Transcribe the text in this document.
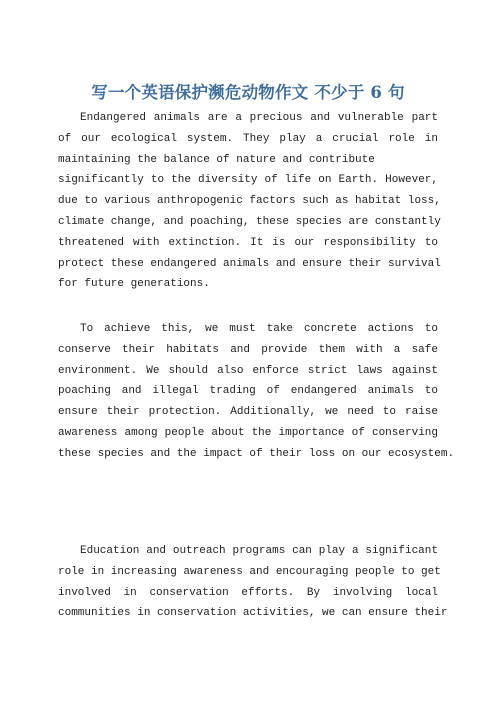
写一个英语保护濒危动物作文 不少于 6 句

Endangered animals are a precious and vulnerable part
of our ecological system. They play a crucial role in
maintaining the balance of nature and contribute
significantly to the diversity of life on Earth. However,
due to various anthropogenic factors such as habitat loss,
climate change, and poaching, these species are constantly
threatened with extinction. It is our responsibility to
protect these endangered animals and ensure their survival
for future generations.

To achieve this, we must take concrete actions to
conserve their habitats and provide them with a safe
environment. We should also enforce strict laws against
poaching and illegal trading of endangered animals to
ensure their protection. Additionally, we need to raise
awareness among people about the importance of conserving
these species and the impact of their loss on our ecosystem.

Education and outreach programs can play a significant
role in increasing awareness and encouraging people to get
involved in conservation efforts. By involving local
communities in conservation activities, we can ensure their
